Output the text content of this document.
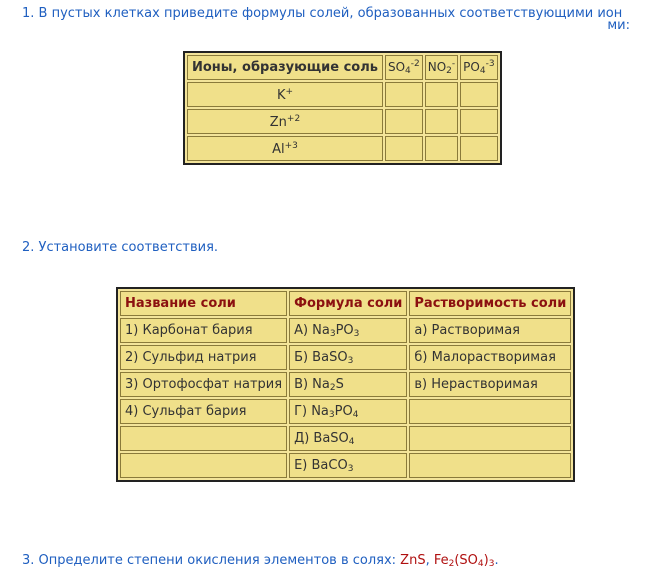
1. В пустых клетках приведите формулы солей, образованных соответствующими ион
ми:
Ионы, образующие соль	$SO_4^{-2}$	$NO_2^-$	$PO_4^{-3}$
K+			
$Zn^{+2}$			
$Al^{+3}$			
2. Установите соответствия.
Название соли	Формула соли	Растворимость соли
1) Карбонат бария	А) $Na_3PO_3$	а) Растворимая
2) Сульфид натрия	Б) BaSO$_3$	б) Малорастворимая
3) Ортофосфат натрия	В) $Na_2S$	в) Нерастворимая
4) Сульфат бария	Г) $Na_3PO_4$	
	Д) BaSO$_4$	
	Е) BaCO$_3$	
3. Определите степени окисления элементов в солях: ZnS, $Fe_2(SO_4)_3$.
